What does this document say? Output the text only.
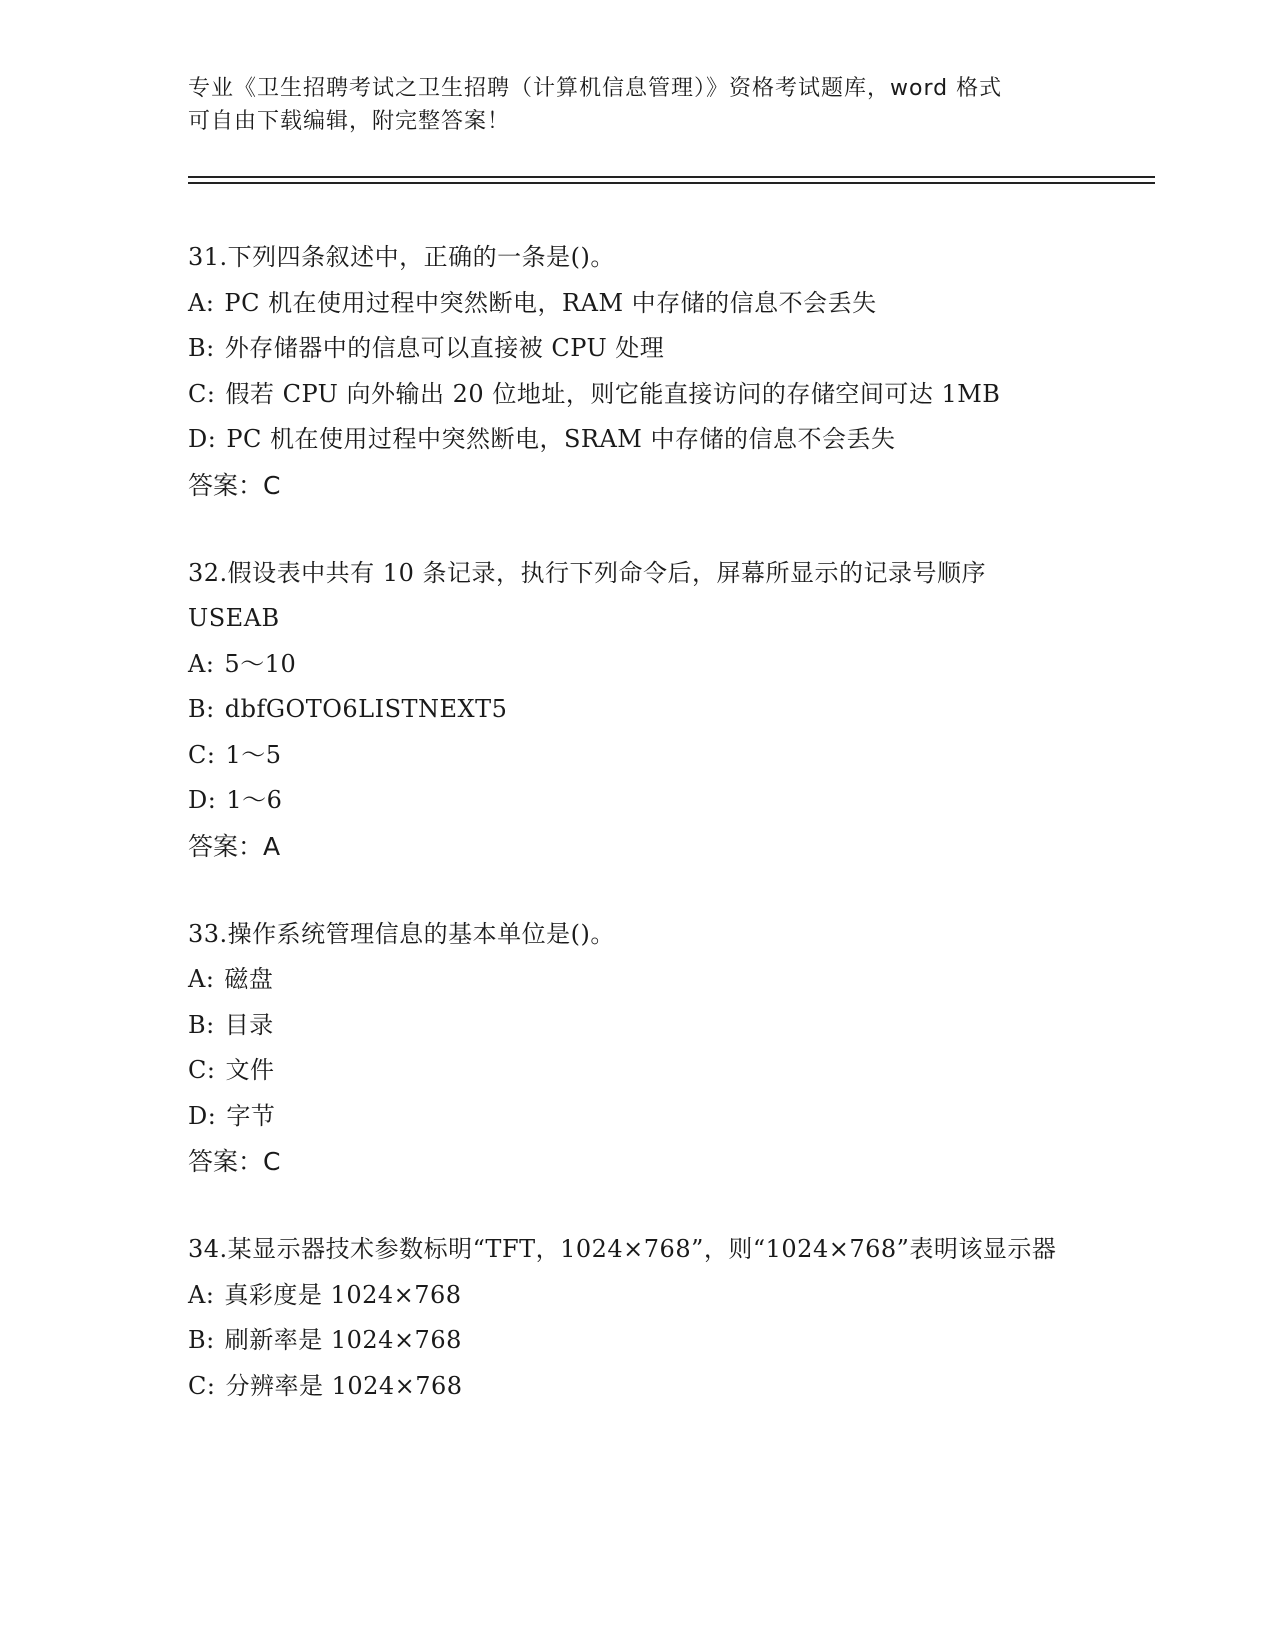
专业《卫生招聘考试之卫生招聘（计算机信息管理）》资格考试题库，word 格式
可自由下载编辑，附完整答案！

31.下列四条叙述中，正确的一条是()。

A: PC 机在使用过程中突然断电，RAM 中存储的信息不会丢失

B: 外存储器中的信息可以直接被 CPU 处理

C: 假若 CPU 向外输出 20 位地址，则它能直接访问的存储空间可达 1MB

D: PC 机在使用过程中突然断电，SRAM 中存储的信息不会丢失

答案：C

32.假设表中共有 10 条记录，执行下列命令后，屏幕所显示的记录号顺序 USEAB

A: 5～10

B: dbfGOTO6LISTNEXT5

C: 1～5

D: 1～6

答案：A

33.操作系统管理信息的基本单位是()。

A: 磁盘

B: 目录

C: 文件

D: 字节

答案：C

34.某显示器技术参数标明“TFT，1024×768”，则“1024×768”表明该显示器

A: 真彩度是 1024×768

B: 刷新率是 1024×768

C: 分辨率是 1024×768
